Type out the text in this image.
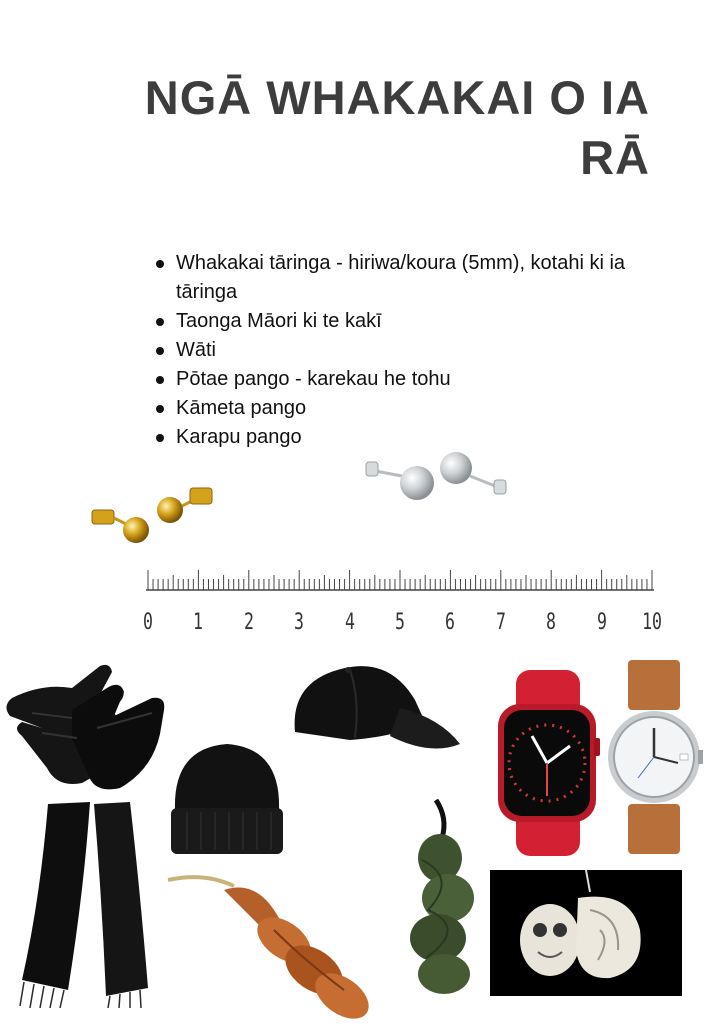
NGĀ WHAKAKAI O IA
RĀ
Whakakai tāringa - hiriwa/koura (5mm), kotahi ki ia tāringa
Taonga Māori ki te kakī
Wāti
Pōtae pango - karekau he tohu
Kāmeta pango
Karapu pango
0 1 2 3 4 5 6 7 8 9 10
